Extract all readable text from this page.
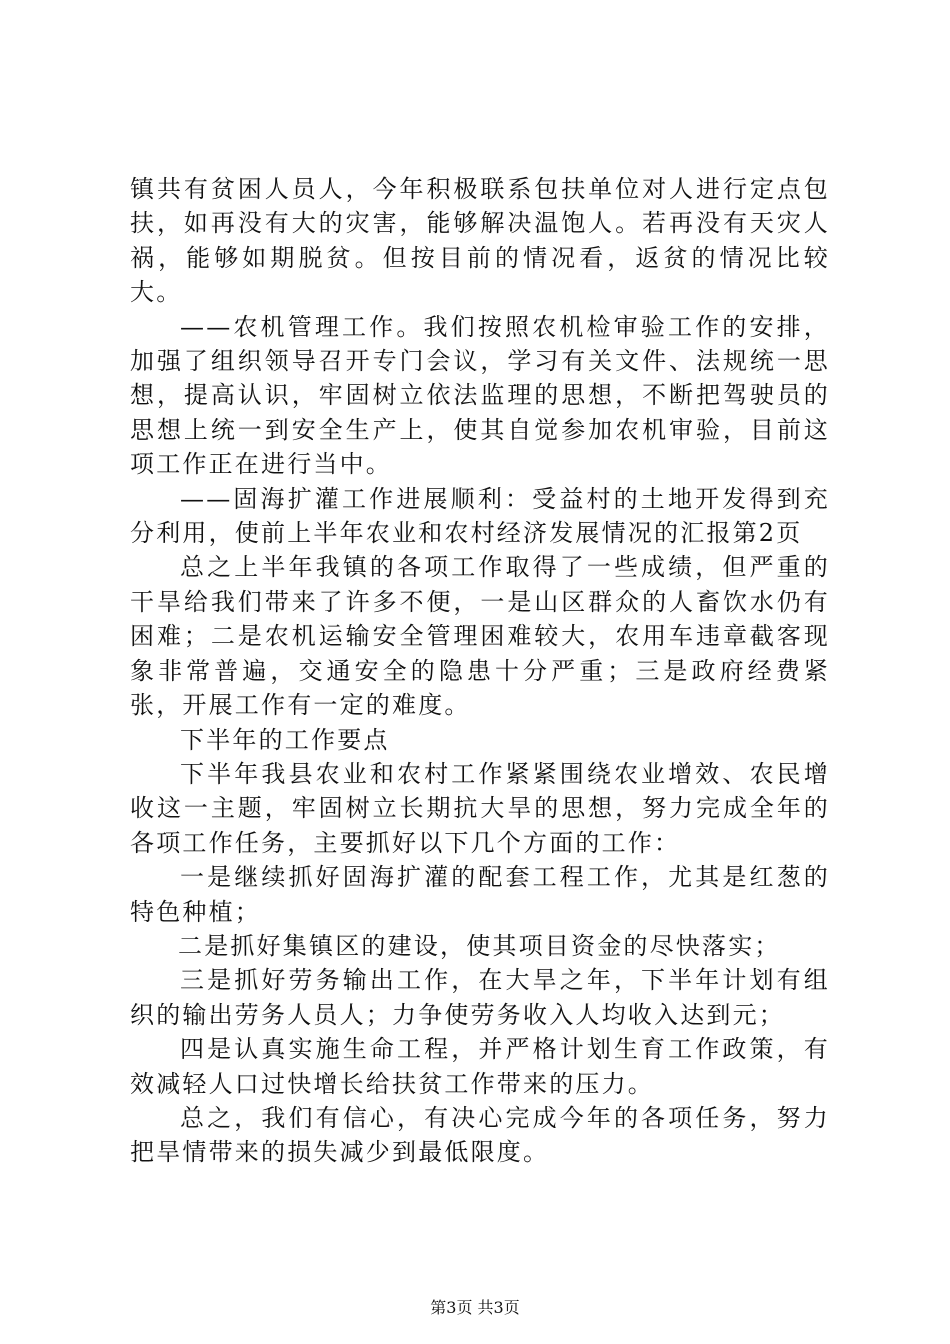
镇共有贫困人员人，今年积极联系包扶单位对人进行定点包扶，如再没有大的灾害，能够解决温饱人。若再没有天灾人祸，能够如期脱贫。但按目前的情况看，返贫的情况比较大。

——农机管理工作。我们按照农机检审验工作的安排，加强了组织领导召开专门会议，学习有关文件、法规统一思想，提高认识，牢固树立依法监理的思想，不断把驾驶员的思想上统一到安全生产上，使其自觉参加农机审验，目前这项工作正在进行当中。

——固海扩灌工作进展顺利：受益村的土地开发得到充分利用，使前上半年农业和农村经济发展情况的汇报第2页

总之上半年我镇的各项工作取得了一些成绩，但严重的干旱给我们带来了许多不便，一是山区群众的人畜饮水仍有困难；二是农机运输安全管理困难较大，农用车违章截客现象非常普遍，交通安全的隐患十分严重；三是政府经费紧张，开展工作有一定的难度。

下半年的工作要点

下半年我县农业和农村工作紧紧围绕农业增效、农民增收这一主题，牢固树立长期抗大旱的思想，努力完成全年的各项工作任务，主要抓好以下几个方面的工作：

一是继续抓好固海扩灌的配套工程工作，尤其是红葱的特色种植；

二是抓好集镇区的建设，使其项目资金的尽快落实；

三是抓好劳务输出工作，在大旱之年，下半年计划有组织的输出劳务人员人；力争使劳务收入人均收入达到元；

四是认真实施生命工程，并严格计划生育工作政策，有效减轻人口过快增长给扶贫工作带来的压力。

总之，我们有信心，有决心完成今年的各项任务，努力把旱情带来的损失减少到最低限度。

第3页 共3页
